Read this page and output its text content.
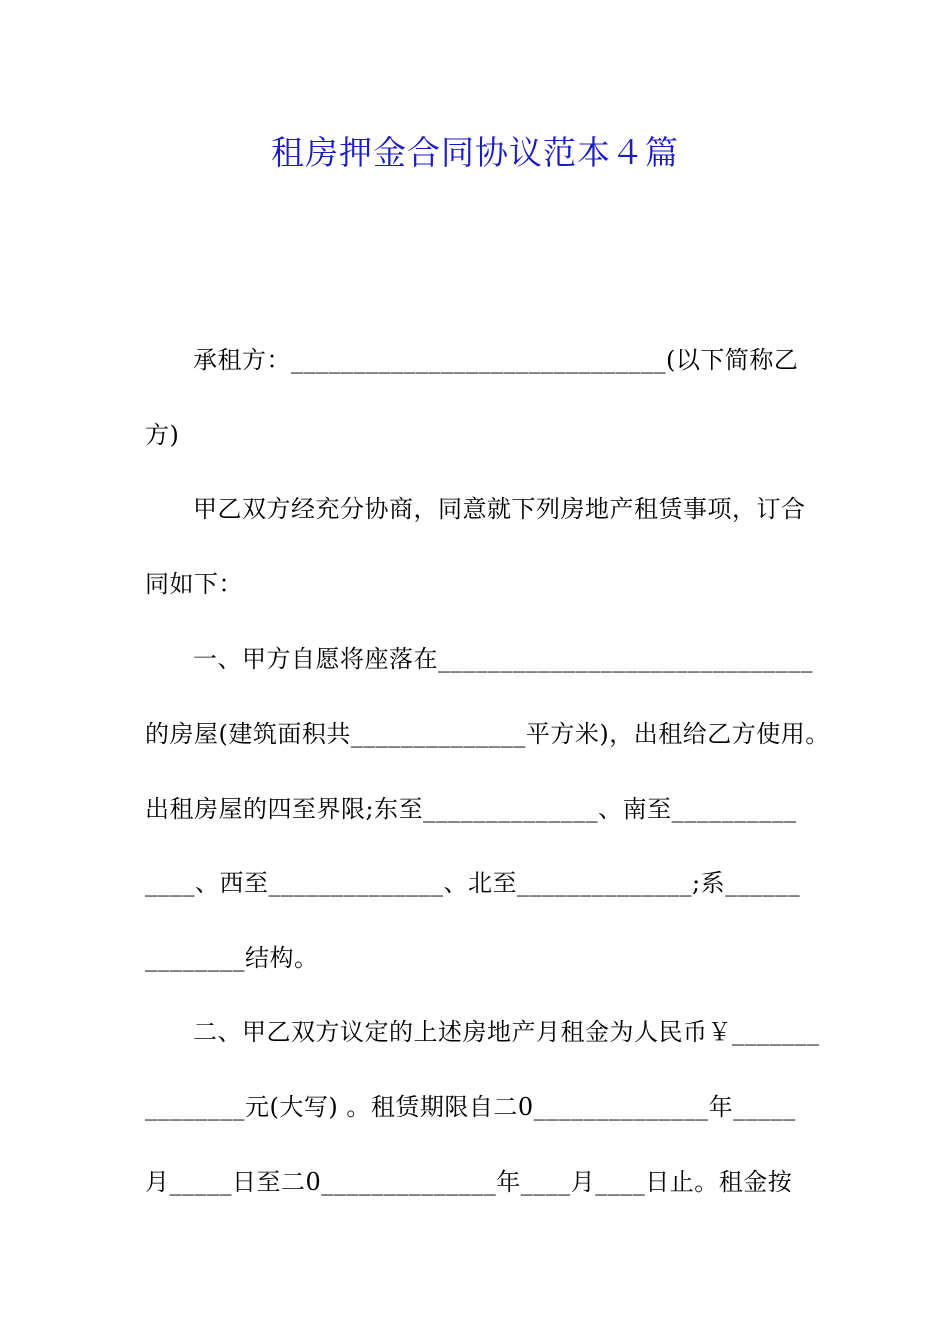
租房押金合同协议范本４篇
承租方：______________________________(以下简称乙
方)
甲乙双方经充分协商，同意就下列房地产租赁事项，订合
同如下：
一、甲方自愿将座落在______________________________
的房屋(建筑面积共______________平方米)，出租给乙方使用。
出租房屋的四至界限;东至______________、南至__________
____、西至______________、北至______________;系______
________结构。
二、甲乙双方议定的上述房地产月租金为人民币￥_______
________元(大写) 。租赁期限自二0______________年_____
月_____日至二0______________年____月____日止。租金按
